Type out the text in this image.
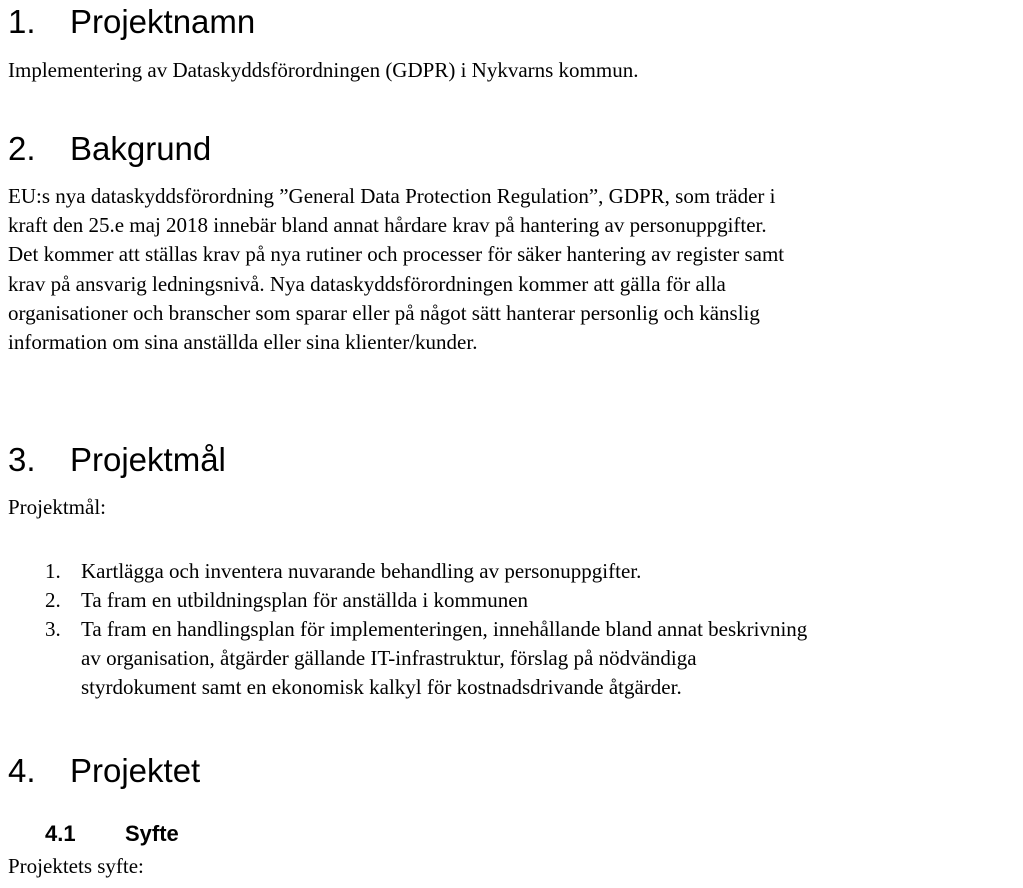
1. Projektnamn

Implementering av Dataskyddsförordningen (GDPR) i Nykvarns kommun.

2. Bakgrund
EU:s nya dataskyddsförordning ”General Data Protection Regulation”, GDPR, som träder i
kraft den 25.e maj 2018 innebär bland annat hårdare krav på hantering av personuppgifter.
Det kommer att ställas krav på nya rutiner och processer för säker hantering av register samt
krav på ansvarig ledningsnivå. Nya dataskyddsförordningen kommer att gälla för alla
organisationer och branscher som sparar eller på något sätt hanterar personlig och känslig
information om sina anställda eller sina klienter/kunder.
3. Projektmål

Projektmål:

1. Kartlägga och inventera nuvarande behandling av personuppgifter.
2. Ta fram en utbildningsplan för anställda i kommunen
3. Ta fram en handlingsplan för implementeringen, innehållande bland annat beskrivning
av organisation, åtgärder gällande IT-infrastruktur, förslag på nödvändiga
styrdokument samt en ekonomisk kalkyl för kostnadsdrivande åtgärder.
4. Projektet
4.1 Syfte

Projektets syfte:
